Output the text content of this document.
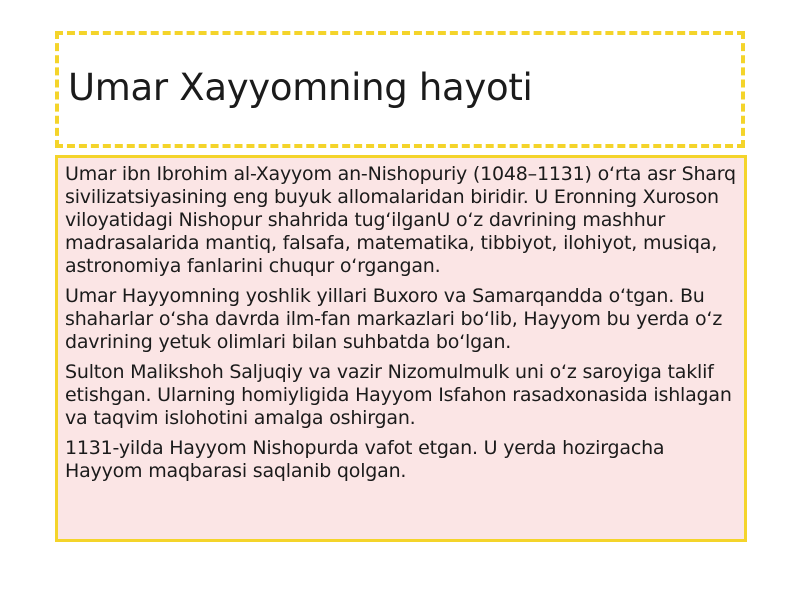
Umar Xayyomning hayoti

Umar ibn Ibrohim al-Xayyom an-Nishopuriy (1048–1131) oʻrta asr Sharq sivilizatsiyasining eng buyuk allomalaridan biridir. U Eronning Xuroson viloyatidagi Nishopur shahrida tugʻilganU oʻz davrining mashhur madrasalarida mantiq, falsafa, matematika, tibbiyot, ilohiyot, musiqa, astronomiya fanlarini chuqur oʻrgangan.

Umar Hayyomning yoshlik yillari Buxoro va Samarqandda oʻtgan. Bu shaharlar oʻsha davrda ilm-fan markazlari boʻlib, Hayyom bu yerda oʻz davrining yetuk olimlari bilan suhbatda boʻlgan.

Sulton Malikshoh Saljuqiy va vazir Nizomulmulk uni oʻz saroyiga taklif etishgan. Ularning homiyligida Hayyom Isfahon rasadxonasida ishlagan va taqvim islohotini amalga oshirgan.

1131-yilda Hayyom Nishopurda vafot etgan. U yerda hozirgacha Hayyom maqbarasi saqlanib qolgan.
